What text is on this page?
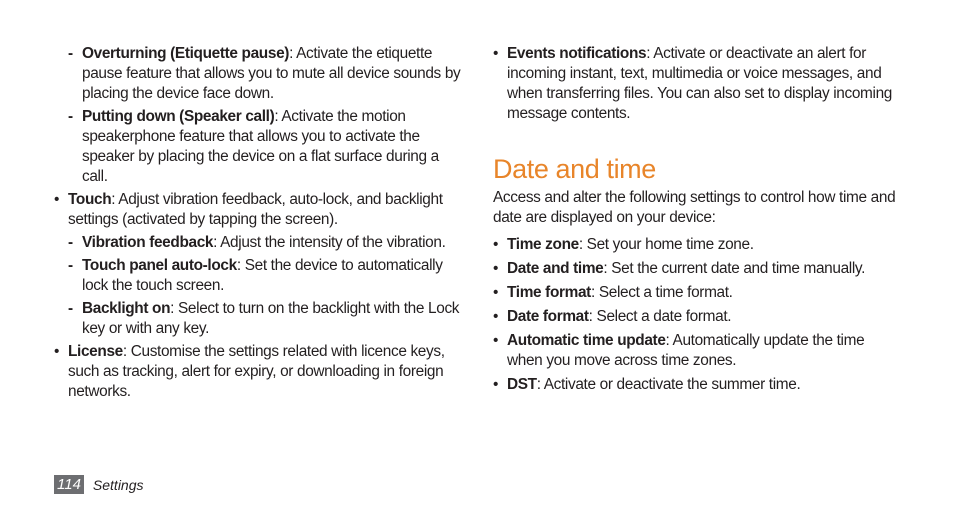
- Overturning (Etiquette pause): Activate the etiquette pause feature that allows you to mute all device sounds by placing the device face down.
- Putting down (Speaker call): Activate the motion speakerphone feature that allows you to activate the speaker by placing the device on a flat surface during a call.
• Touch: Adjust vibration feedback, auto-lock, and backlight settings (activated by tapping the screen).
- Vibration feedback: Adjust the intensity of the vibration.
- Touch panel auto-lock: Set the device to automatically lock the touch screen.
- Backlight on: Select to turn on the backlight with the Lock key or with any key.
• License: Customise the settings related with licence keys, such as tracking, alert for expiry, or downloading in foreign networks.
• Events notifications: Activate or deactivate an alert for incoming instant, text, multimedia or voice messages, and when transferring files. You can also set to display incoming message contents.
Date and time
Access and alter the following settings to control how time and date are displayed on your device:
• Time zone: Set your home time zone.
• Date and time: Set the current date and time manually.
• Time format: Select a time format.
• Date format: Select a date format.
• Automatic time update: Automatically update the time when you move across time zones.
• DST: Activate or deactivate the summer time.
114 Settings
